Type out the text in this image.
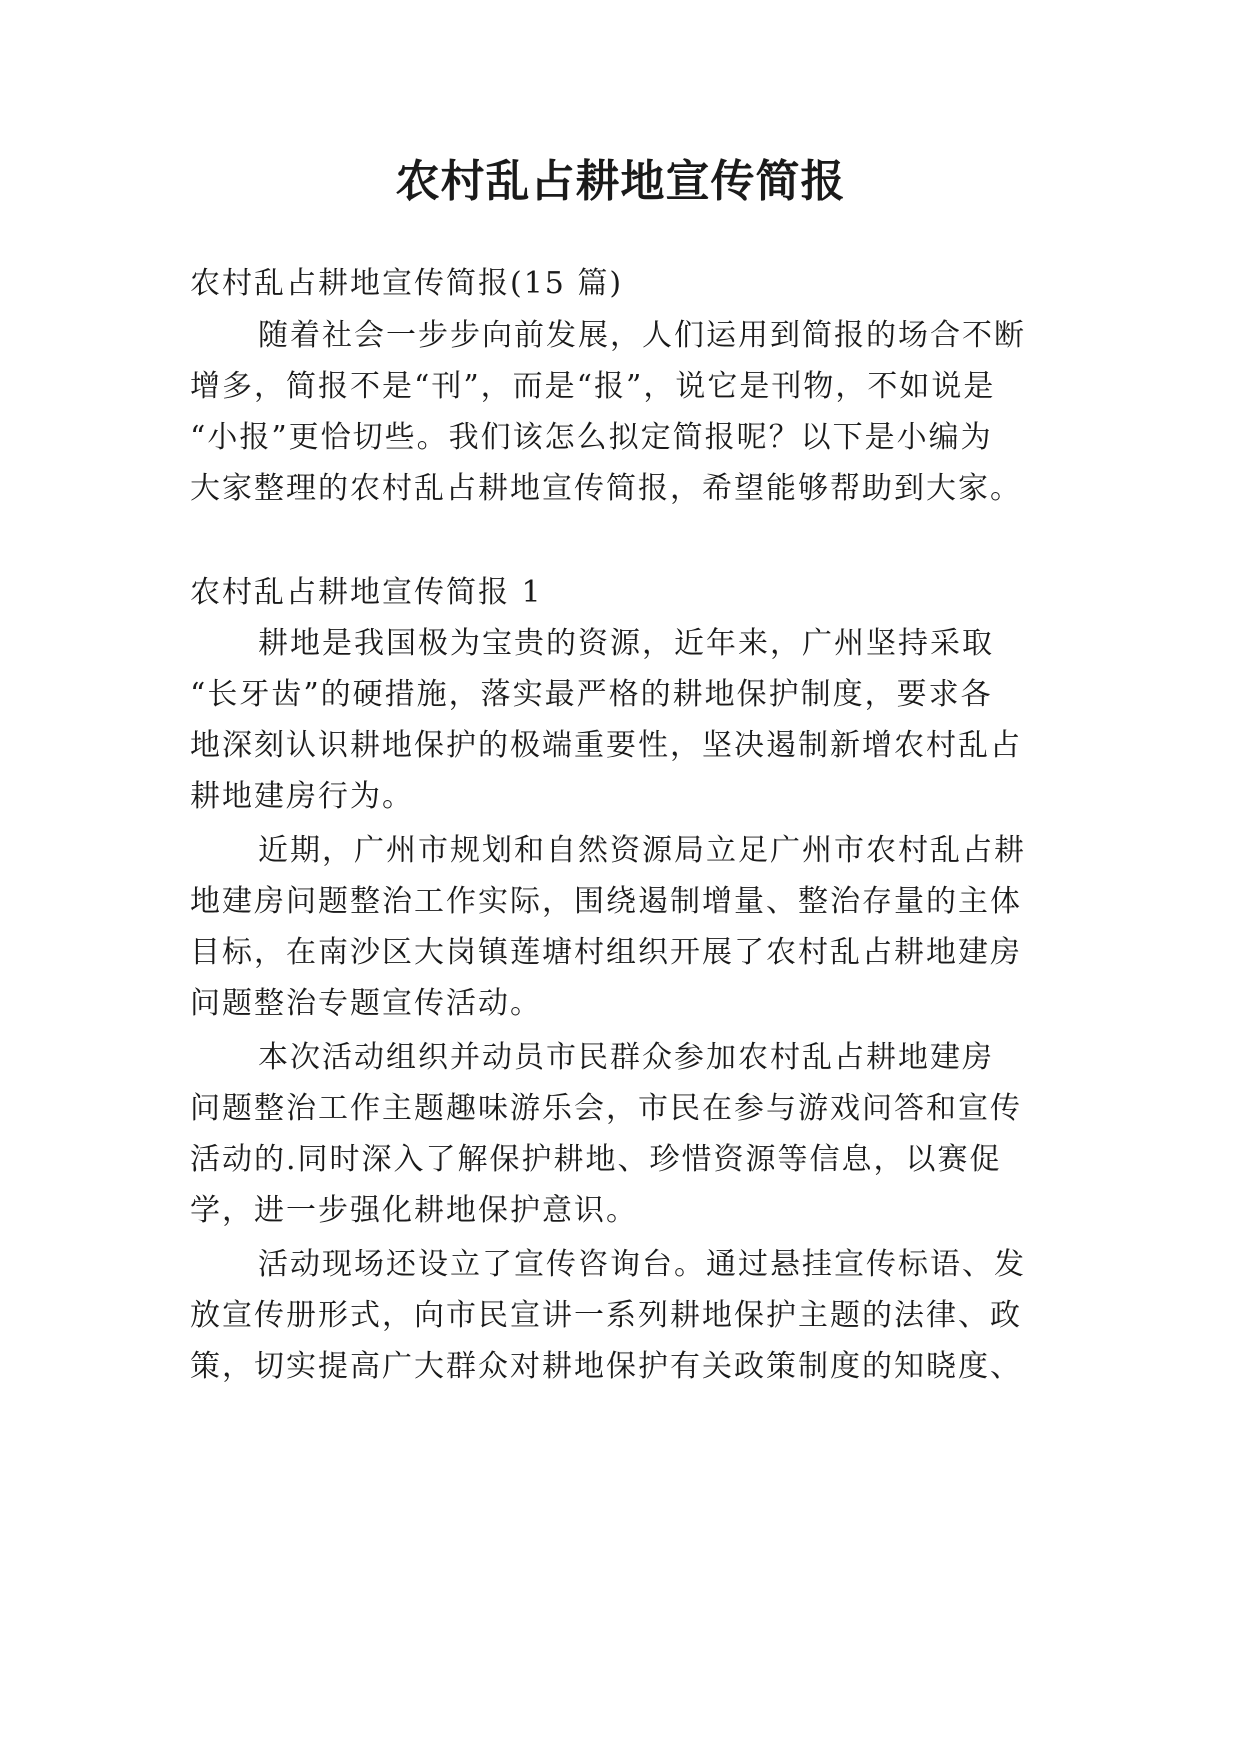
农村乱占耕地宣传简报

农村乱占耕地宣传简报(15 篇)

随着社会一步步向前发展，人们运用到简报的场合不断

增多，简报不是“刊”，而是“报”，说它是刊物，不如说是

“小报”更恰切些。我们该怎么拟定简报呢？以下是小编为

大家整理的农村乱占耕地宣传简报，希望能够帮助到大家。

农村乱占耕地宣传简报 1

耕地是我国极为宝贵的资源，近年来，广州坚持采取

“长牙齿”的硬措施，落实最严格的耕地保护制度，要求各

地深刻认识耕地保护的极端重要性，坚决遏制新增农村乱占

耕地建房行为。

近期，广州市规划和自然资源局立足广州市农村乱占耕

地建房问题整治工作实际，围绕遏制增量、整治存量的主体

目标，在南沙区大岗镇莲塘村组织开展了农村乱占耕地建房

问题整治专题宣传活动。

本次活动组织并动员市民群众参加农村乱占耕地建房

问题整治工作主题趣味游乐会，市民在参与游戏问答和宣传

活动的.同时深入了解保护耕地、珍惜资源等信息，以赛促

学，进一步强化耕地保护意识。

活动现场还设立了宣传咨询台。通过悬挂宣传标语、发

放宣传册形式，向市民宣讲一系列耕地保护主题的法律、政

策，切实提高广大群众对耕地保护有关政策制度的知晓度、
